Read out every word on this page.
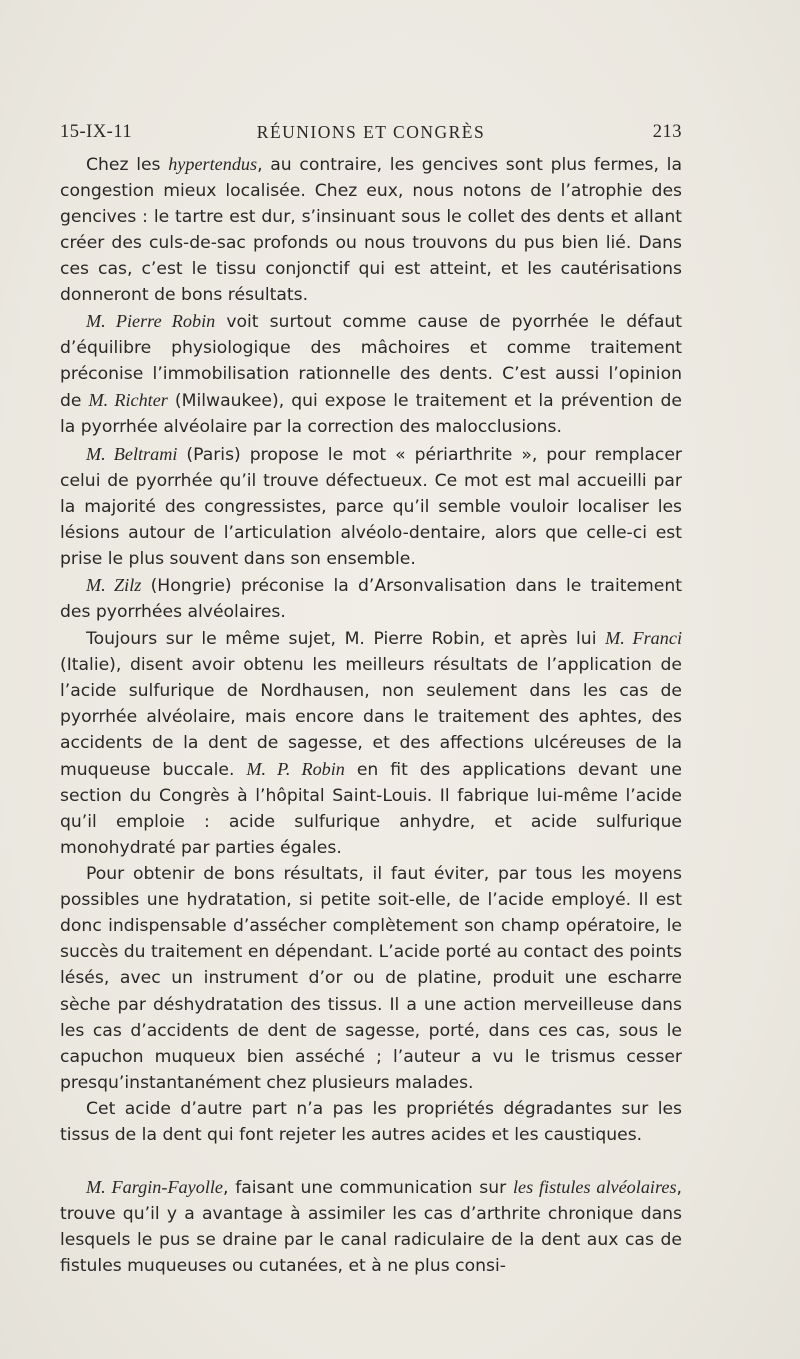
15-IX-11	RÉUNIONS ET CONGRÈS	213

Chez les hypertendus, au contraire, les gencives sont plus fermes, la congestion mieux localisée. Chez eux, nous notons de l’atrophie des gencives : le tartre est dur, s’insinuant sous le collet des dents et allant créer des culs-de-sac profonds ou nous trouvons du pus bien lié. Dans ces cas, c’est le tissu conjonctif qui est atteint, et les cautérisations donneront de bons résultats.

M. Pierre Robin voit surtout comme cause de pyorrhée le défaut d’équilibre physiologique des mâchoires et comme traitement préconise l’immobilisation rationnelle des dents. C’est aussi l’opinion de M. Richter (Milwaukee), qui expose le traitement et la prévention de la pyorrhée alvéolaire par la correction des malocclusions.

M. Beltrami (Paris) propose le mot « périarthrite », pour remplacer celui de pyorrhée qu’il trouve défectueux. Ce mot est mal accueilli par la majorité des congressistes, parce qu’il semble vouloir localiser les lésions autour de l’articulation alvéolo-dentaire, alors que celle-ci est prise le plus souvent dans son ensemble.

M. Zilz (Hongrie) préconise la d’Arsonvalisation dans le traitement des pyorrhées alvéolaires.

Toujours sur le même sujet, M. Pierre Robin, et après lui M. Franci (Italie), disent avoir obtenu les meilleurs résultats de l’application de l’acide sulfurique de Nordhausen, non seulement dans les cas de pyorrhée alvéolaire, mais encore dans le traitement des aphtes, des accidents de la dent de sagesse, et des affections ulcéreuses de la muqueuse buccale. M. P. Robin en fit des applications devant une section du Congrès à l’hôpital Saint-Louis. Il fabrique lui-même l’acide qu’il emploie : acide sulfurique anhydre, et acide sulfurique monohydraté par parties égales.

Pour obtenir de bons résultats, il faut éviter, par tous les moyens possibles une hydratation, si petite soit-elle, de l’acide employé. Il est donc indispensable d’assécher complètement son champ opératoire, le succès du traitement en dépendant. L’acide porté au contact des points lésés, avec un instrument d’or ou de platine, produit une escharre sèche par déshydratation des tissus. Il a une action merveilleuse dans les cas d’accidents de dent de sagesse, porté, dans ces cas, sous le capuchon muqueux bien asséché ; l’auteur a vu le trismus cesser presqu’instantanément chez plusieurs malades.

Cet acide d’autre part n’a pas les propriétés dégradantes sur les tissus de la dent qui font rejeter les autres acides et les caustiques.

M. Fargin-Fayolle, faisant une communication sur les fistules alvéolaires, trouve qu’il y a avantage à assimiler les cas d’arthrite chronique dans lesquels le pus se draine par le canal radiculaire de la dent aux cas de fistules muqueuses ou cutanées, et à ne plus consi-
